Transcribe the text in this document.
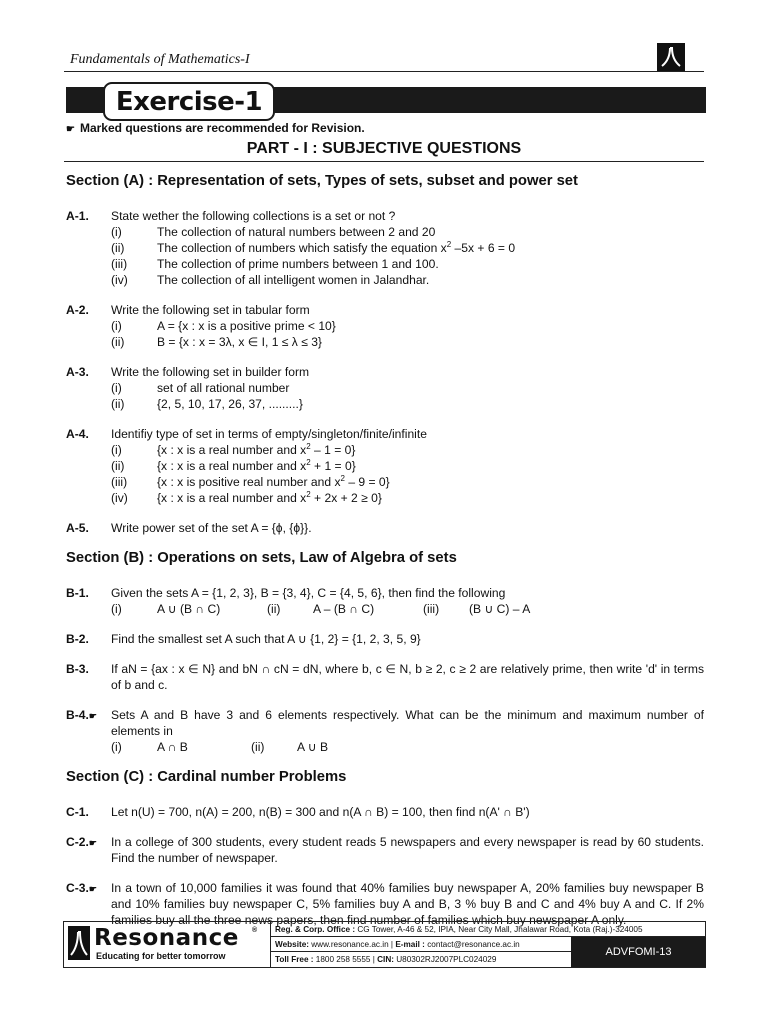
Fundamentals of Mathematics-I
Exercise-1
☛ Marked questions are recommended for Revision.
PART - I : SUBJECTIVE QUESTIONS
Section (A) : Representation of sets, Types of sets, subset and power set
A-1.	State wether the following collections is a set or not ?
(i)	The collection of natural numbers between 2 and 20
(ii)	The collection of numbers which satisfy the equation $x^2$ –5x + 6 = 0
(iii)	The collection of prime numbers between 1 and 100.
(iv)	The collection of all intelligent women in Jalandhar.
A-2.	Write the following set in tabular form
(i)	A = {x : x is a positive prime < 10}
(ii)	B = {x : x = 3λ, x ∈ I, 1 ≤ λ ≤ 3}
A-3.	Write the following set in builder form
(i)	set of all rational number
(ii)	{2, 5, 10, 17, 26, 37, .........}
A-4.	Identifiy type of set in terms of empty/singleton/finite/infinite
(i)	{x : x is a real number and $x^2 - 1 = 0$}
(ii)	{x : x is a real number and $x^2 + 1 = 0$}
(iii)	{x : x is positive real number and $x^2 - 9 = 0$}
(iv)	{x : x is a real number and $x^2 + 2x + 2 \ge 0$}
A-5.	Write power set of the set A = {ϕ, {ϕ}}.
Section (B) : Operations on sets, Law of Algebra of sets
B-1.	Given the sets A = {1, 2, 3}, B = {3, 4}, C = {4, 5, 6}, then find the following
(i)	A ∪ (B ∩ C)	(ii)	A – (B ∩ C)	(iii)	(B ∪ C) – A
B-2.	Find the smallest set A such that A ∪ {1, 2} = {1, 2, 3, 5, 9}
B-3.	If aN = {ax : x ∈ N} and bN ∩ cN = dN, where b, c ∈ N, b ≥ 2, c ≥ 2 are relatively prime, then write 'd' in terms of b and c.
B-4.☛	Sets A and B have 3 and 6 elements respectively. What can be the minimum and maximum number of elements in
(i)	A ∩ B	(ii)	A ∪ B
Section (C) : Cardinal number Problems
C-1.	Let n(U) = 700, n(A) = 200, n(B) = 300 and n(A ∩ B) = 100, then find n(A' ∩ B')
C-2.☛	In a college of 300 students, every student reads 5 newspapers and every newspaper is read by 60 students. Find the number of newspaper.
C-3.☛	In a town of 10,000 families it was found that 40% families buy newspaper A, 20% families buy newspaper B and 10% families buy newspaper C, 5% families buy A and B, 3 % buy B and C and 4% buy A and C. If 2% families buy all the three news papers, then find number of families which buy newspaper A only.
Resonance ®
Educating for better tomorrow
Reg. & Corp. Office : CG Tower, A-46 & 52, IPIA, Near City Mall, Jhalawar Road, Kota (Raj.)-324005
Website: www.resonance.ac.in | E-mail : contact@resonance.ac.in
Toll Free : 1800 258 5555 | CIN: U80302RJ2007PLC024029
ADVFOMI-13
